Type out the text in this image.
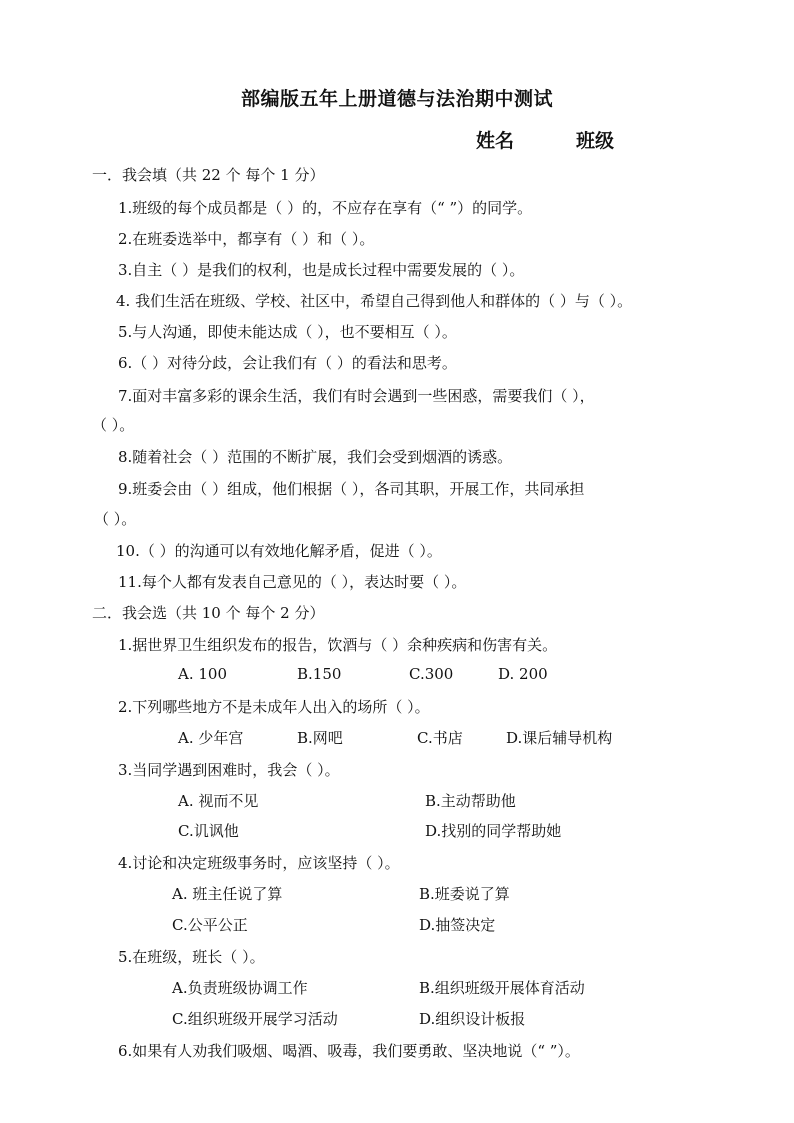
部编版五年上册道德与法治期中测试
姓名	班级
一．我会填（共 22 个 每个 1 分）
1.班级的每个成员都是（ ）的，不应存在享有（“ ”）的同学。
2.在班委选举中，都享有（ ）和（ ）。
3.自主（ ）是我们的权利，也是成长过程中需要发展的（ ）。
4. 我们生活在班级、学校、社区中，希望自己得到他人和群体的（ ）与（ ）。
5.与人沟通，即使未能达成（ ），也不要相互（ ）。
6.（ ）对待分歧，会让我们有（ ）的看法和思考。
7.面对丰富多彩的课余生活，我们有时会遇到一些困惑，需要我们（ ），
（ ）。
8.随着社会（ ）范围的不断扩展，我们会受到烟酒的诱惑。
9.班委会由（ ）组成，他们根据（ ），各司其职，开展工作，共同承担
（ ）。
10.（ ）的沟通可以有效地化解矛盾，促进（ ）。
11.每个人都有发表自己意见的（ ），表达时要（ ）。
二．我会选（共 10 个 每个 2 分）
1.据世界卫生组织发布的报告，饮酒与（ ）余种疾病和伤害有关。
A. 100	B.150	C.300	D. 200
2.下列哪些地方不是未成年人出入的场所（ ）。
A. 少年宫	B.网吧	C.书店	D.课后辅导机构
3.当同学遇到困难时，我会（ ）。
A. 视而不见	B.主动帮助他
C.讥讽他	D.找别的同学帮助她
4.讨论和决定班级事务时，应该坚持（ ）。
A. 班主任说了算	B.班委说了算
C.公平公正	D.抽签决定
5.在班级，班长（ ）。
A.负责班级协调工作	B.组织班级开展体育活动
C.组织班级开展学习活动	D.组织设计板报
6.如果有人劝我们吸烟、喝酒、吸毒，我们要勇敢、坚决地说（“ ”）。
